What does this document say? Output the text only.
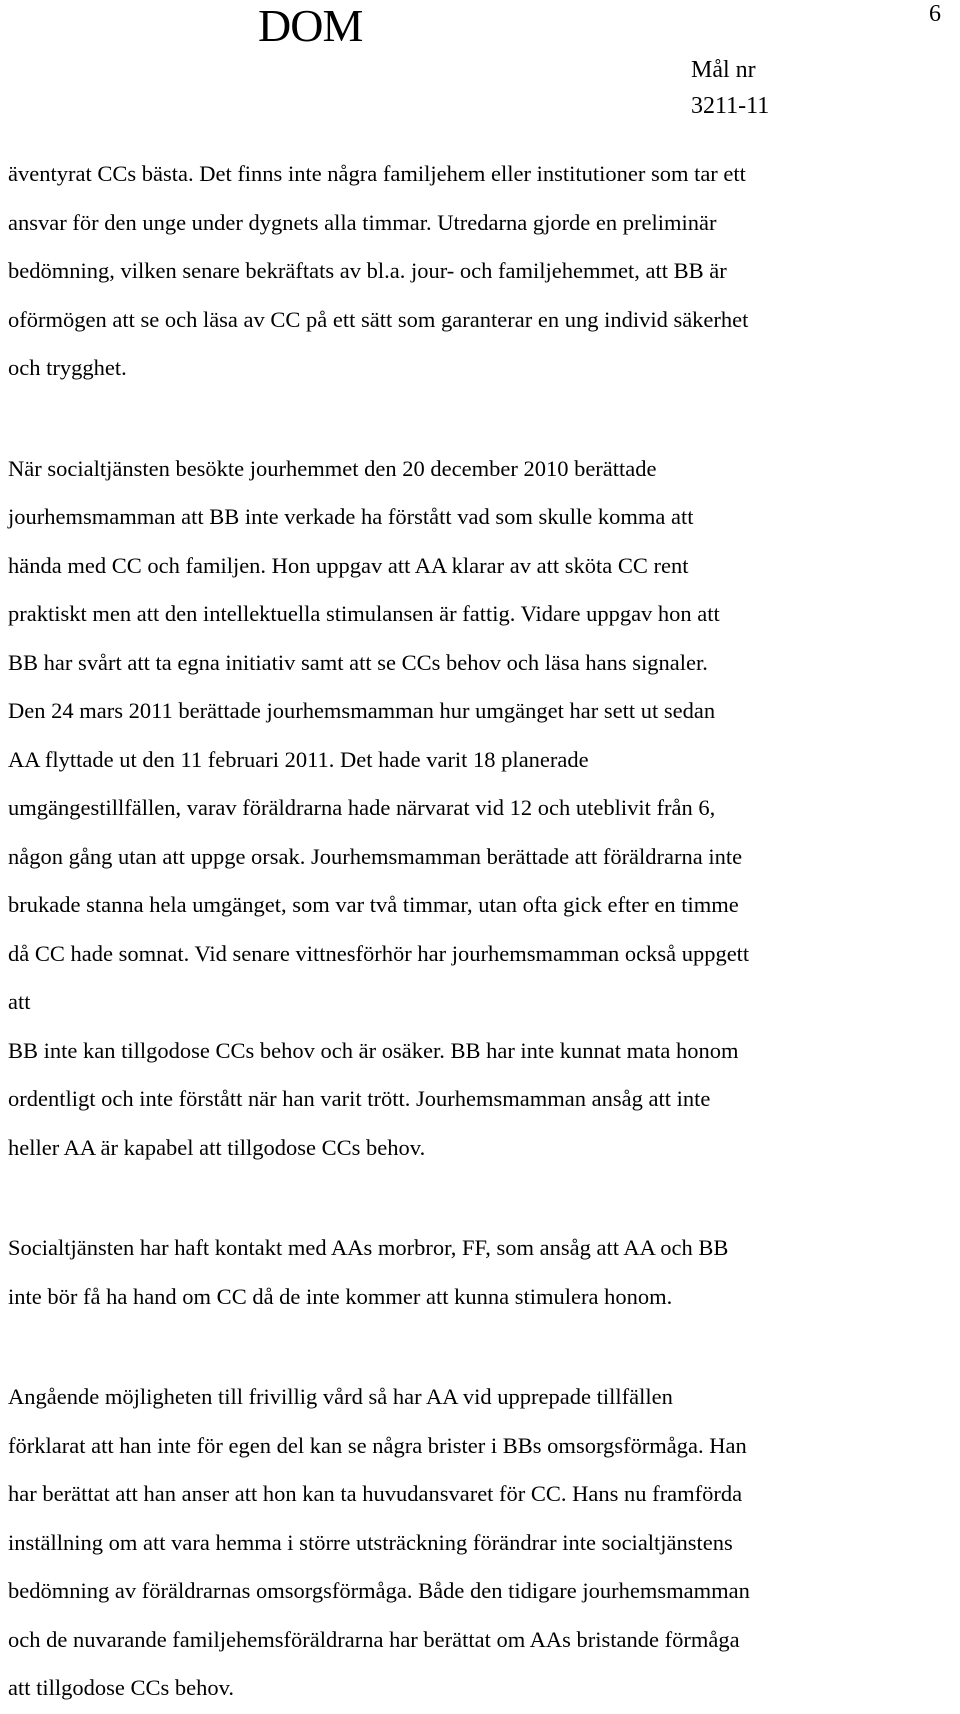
DOM	6
Mål nr
3211-11

äventyrat CCs bästa. Det finns inte några familjehem eller institutioner som tar ett
ansvar för den unge under dygnets alla timmar. Utredarna gjorde en preliminär
bedömning, vilken senare bekräftats av bl.a. jour- och familjehemmet, att BB är
oförmögen att se och läsa av CC på ett sätt som garanterar en ung individ säkerhet
och trygghet.

När socialtjänsten besökte jourhemmet den 20 december 2010 berättade
jourhemsmamman att BB inte verkade ha förstått vad som skulle komma att
hända med CC och familjen. Hon uppgav att AA klarar av att sköta CC rent
praktiskt men att den intellektuella stimulansen är fattig. Vidare uppgav hon att
BB har svårt att ta egna initiativ samt att se CCs behov och läsa hans signaler.
Den 24 mars 2011 berättade jourhemsmamman hur umgänget har sett ut sedan
AA flyttade ut den 11 februari 2011. Det hade varit 18 planerade
umgängestillfällen, varav föräldrarna hade närvarat vid 12 och uteblivit från 6,
någon gång utan att uppge orsak. Jourhemsmamman berättade att föräldrarna inte
brukade stanna hela umgänget, som var två timmar, utan ofta gick efter en timme
då CC hade somnat. Vid senare vittnesförhör har jourhemsmamman också uppgett
att
BB inte kan tillgodose CCs behov och är osäker. BB har inte kunnat mata honom
ordentligt och inte förstått när han varit trött. Jourhemsmamman ansåg att inte
heller AA är kapabel att tillgodose CCs behov.

Socialtjänsten har haft kontakt med AAs morbror, FF, som ansåg att AA och BB
inte bör få ha hand om CC då de inte kommer att kunna stimulera honom.

Angående möjligheten till frivillig vård så har AA vid upprepade tillfällen
förklarat att han inte för egen del kan se några brister i BBs omsorgsförmåga. Han
har berättat att han anser att hon kan ta huvudansvaret för CC. Hans nu framförda
inställning om att vara hemma i större utsträckning förändrar inte socialtjänstens
bedömning av föräldrarnas omsorgsförmåga. Både den tidigare jourhemsmamman
och de nuvarande familjehemsföräldrarna har berättat om AAs bristande förmåga
att tillgodose CCs behov.
